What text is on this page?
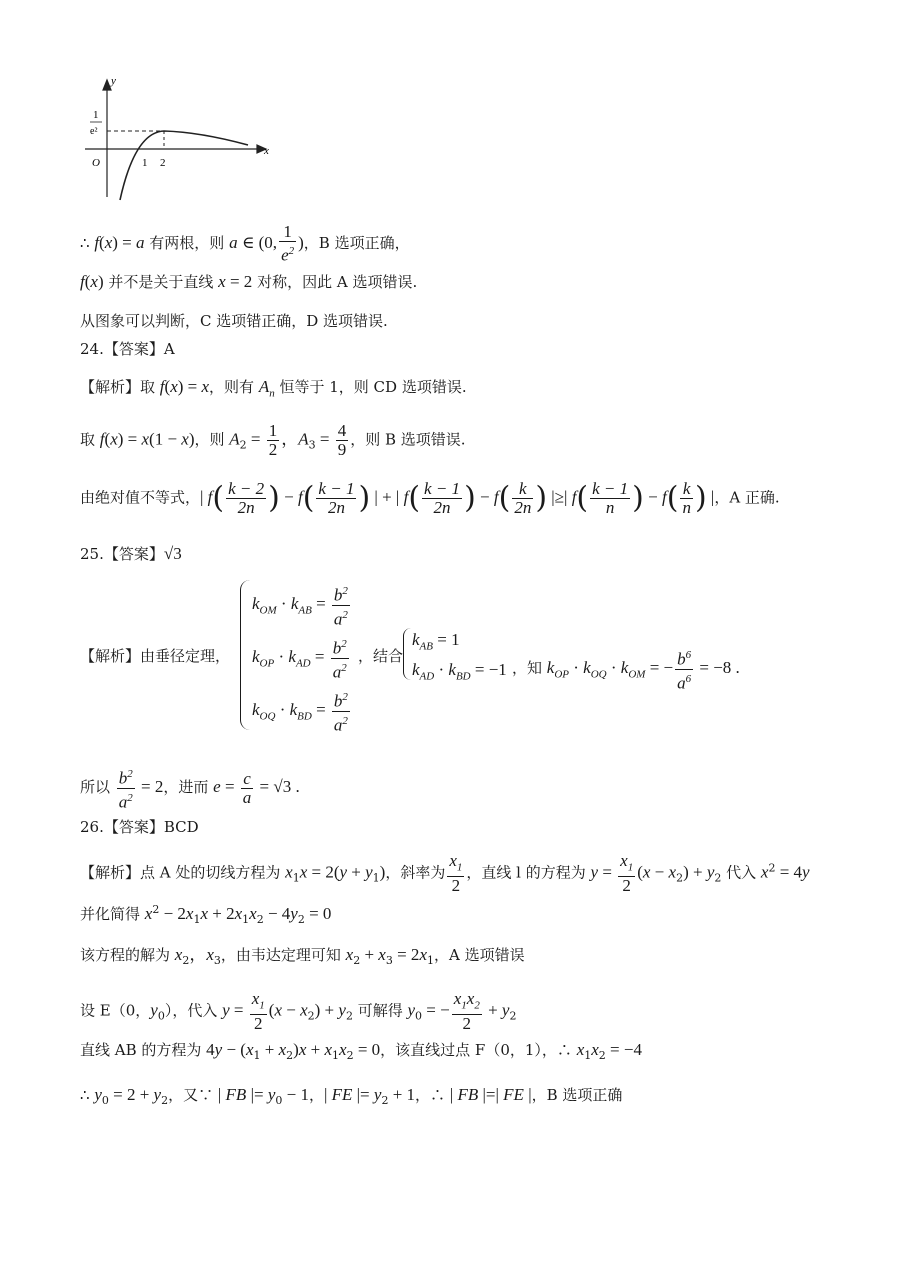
y
x
O	1 2
1
e²
∴ f(x) = a 有两根，则 a ∈ (0, $\frac{1}{e^2}$ )，B 选项正确，
f(x) 并不是关于直线 x = 2 对称，因此 A 选项错误.
从图象可以判断，C 选项错正确，D 选项错误.
24.【答案】A
【解析】取 f(x) = x，则有 $A_n$ 恒等于 1，则 CD 选项错误.
取 f(x) = x(1 − x)，则 $A_2 = \frac{1}{2}$ ，$A_3 = \frac{4}{9}$ ，则 B 选项错误.
由绝对值不等式，| $f( \frac{k - 2}{2n}$ ) − $f( \frac{k - 1}{2n}$ ) | + | $f( \frac{k - 1}{2n}$ ) − $f( \frac{k}{2n}$ ) |≥| $f( \frac{k - 1}{n}$ ) − $f( \frac{k}{n}$ ) |，A 正确.
25.【答案】√3
【解析】由垂径定理，
$k_{OM} \cdot k_{AB} = \frac{b^2}{a^2}$
$k_{OP} \cdot k_{AD} = \frac{b^2}{a^2}$
$k_{OQ} \cdot k_{BD} = \frac{b^2}{a^2}$
，结合
$k_{AB} = 1$
$k_{AD} \cdot k_{BD} = -1$ ，知 $k_{OP} \cdot k_{OQ} \cdot k_{OM}$ = − $\frac{b^6}{a^6} = -8$ .
所以 $\frac{b^2}{a^2} = 2$，进而 $e = \frac{c}{a} = √3$ .
26.【答案】BCD
【解析】点 A 处的切线方程为 $x_1x = 2(y + y_1)$，斜率为 $\frac{x_1}{2}$ ，直线 l 的方程为 $y = \frac{x_1}{2} (x - x_2) + y_2$ 代入 $x^2 = 4y$
并化简得 $x^2 - 2x_1x + 2x_1x_2 - 4y_2 = 0$
该方程的解为 $x_2$，$x_3$，由韦达定理可知 $x_2 + x_3 = 2x_1$，A 选项错误
设 E（0，$y_0$），代入 $y = \frac{x_1}{2} (x - x_2) + y_2$ 可解得 $y_0$ = − $\frac{x_1x_2}{2} + y_2$
直线 AB 的方程为 $4y - (x_1 + x_2)x + x_1x_2 = 0$，该直线过点 F（0，1），∴ $x_1x_2 = -4$
∴ $y_0 = 2 + y_2$，又∵ | FB |= $y_0 - 1$，| FE |= $y_2 + 1$，∴ | FB |=| FE |，B 选项正确
